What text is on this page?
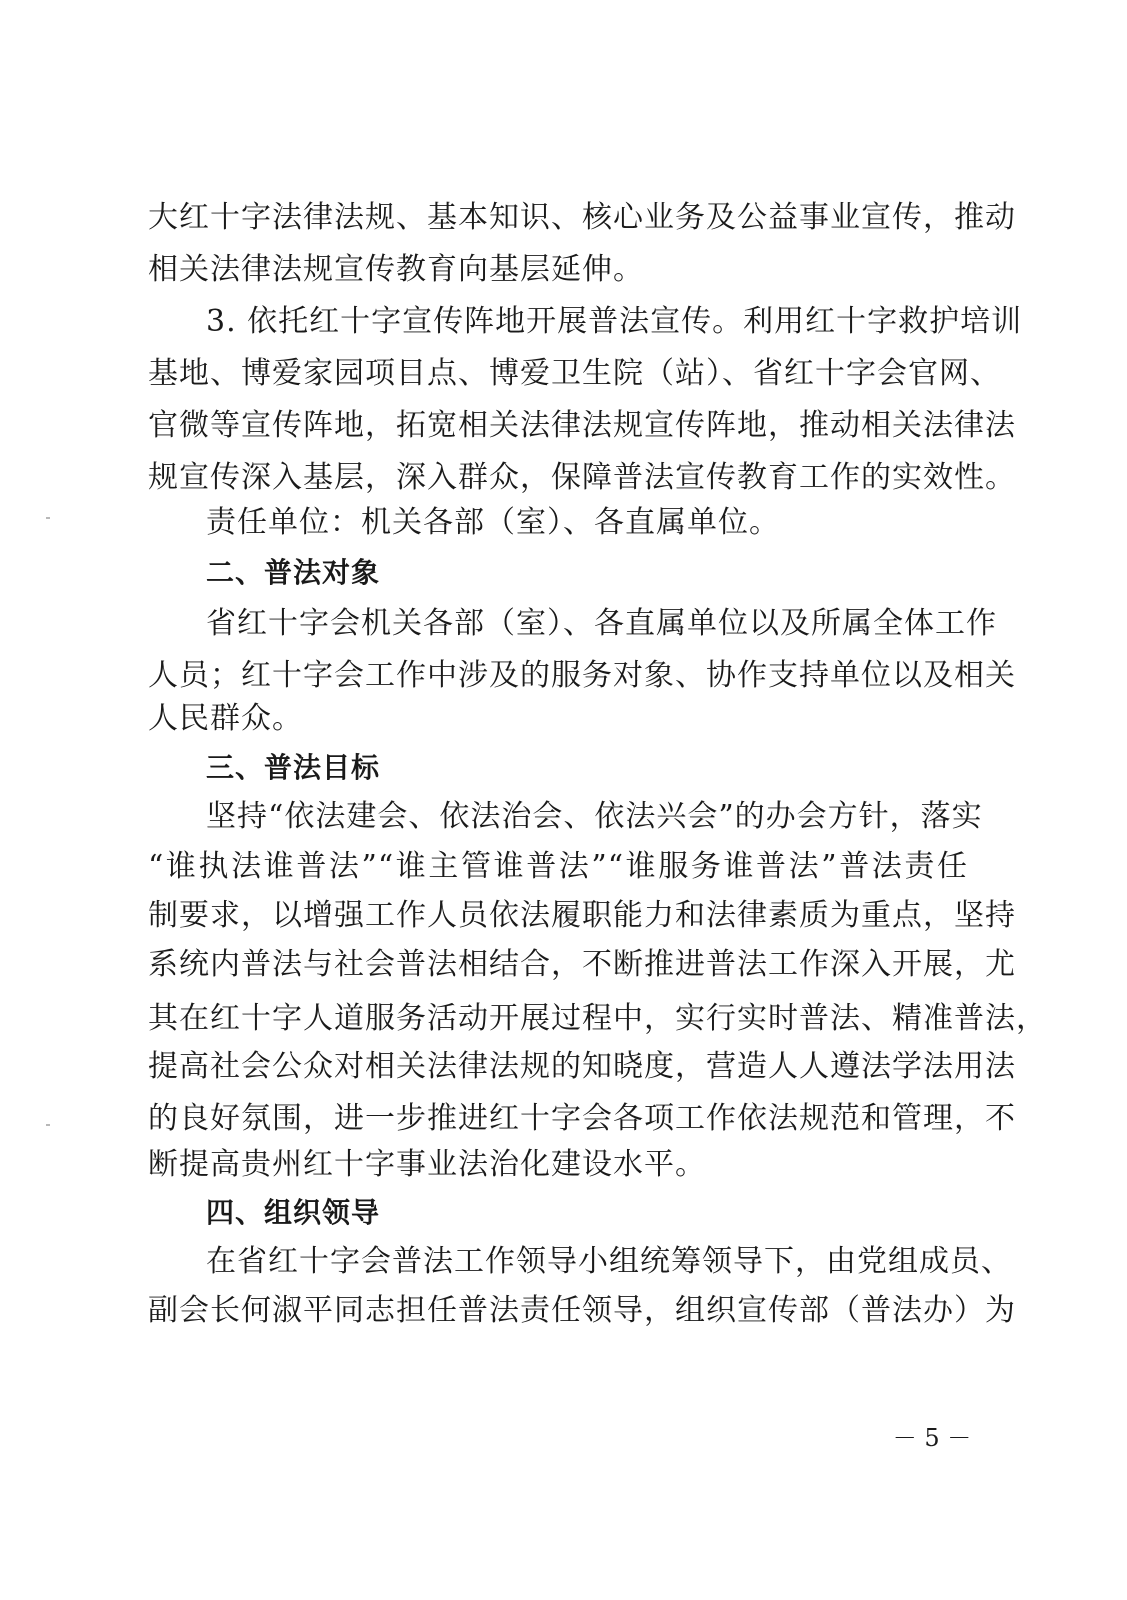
大红十字法律法规、基本知识、核心业务及公益事业宣传，推动
相关法律法规宣传教育向基层延伸。
3. 依托红十字宣传阵地开展普法宣传。利用红十字救护培训
基地、博爱家园项目点、博爱卫生院（站）、省红十字会官网、
官微等宣传阵地，拓宽相关法律法规宣传阵地，推动相关法律法
规宣传深入基层，深入群众，保障普法宣传教育工作的实效性。
责任单位：机关各部（室）、各直属单位。
二、普法对象
省红十字会机关各部（室）、各直属单位以及所属全体工作
人员；红十字会工作中涉及的服务对象、协作支持单位以及相关
人民群众。
三、普法目标
坚持“依法建会、依法治会、依法兴会”的办会方针，落实
“谁执法谁普法”“谁主管谁普法”“谁服务谁普法”普法责任
制要求，以增强工作人员依法履职能力和法律素质为重点，坚持
系统内普法与社会普法相结合，不断推进普法工作深入开展，尤
其在红十字人道服务活动开展过程中，实行实时普法、精准普法，
提高社会公众对相关法律法规的知晓度，营造人人遵法学法用法
的良好氛围，进一步推进红十字会各项工作依法规范和管理，不
断提高贵州红十字事业法治化建设水平。
四、组织领导
在省红十字会普法工作领导小组统筹领导下，由党组成员、
副会长何淑平同志担任普法责任领导，组织宣传部（普法办）为
－ 5 －
